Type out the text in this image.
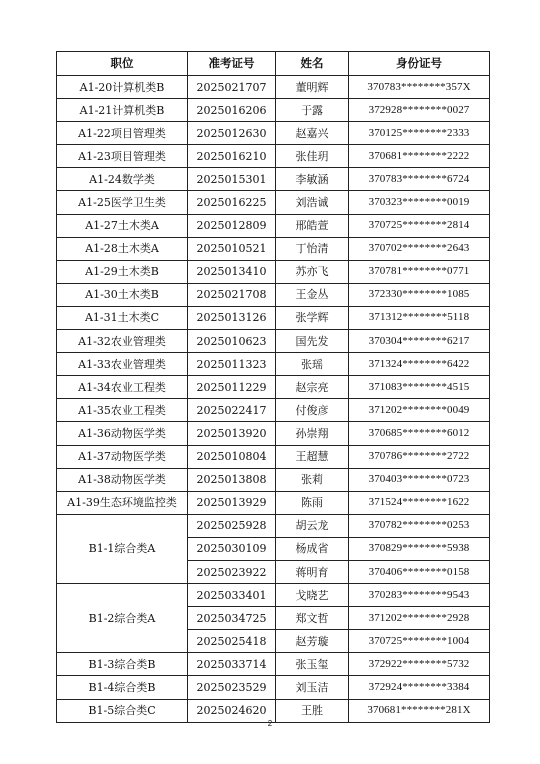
职位	准考证号	姓名	身份证号
A1-20计算机类B	2025021707	董明辉	370783********357X
A1-21计算机类B	2025016206	于露	372928********0027
A1-22项目管理类	2025012630	赵嘉兴	370125********2333
A1-23项目管理类	2025016210	张佳玥	370681********2222
A1-24数学类	2025015301	李敏涵	370783********6724
A1-25医学卫生类	2025016225	刘浩诚	370323********0019
A1-27土木类A	2025012809	邢皓萱	370725********2814
A1-28土木类A	2025010521	丁怡清	370702********2643
A1-29土木类B	2025013410	苏亦飞	370781********0771
A1-30土木类B	2025021708	王金丛	372330********1085
A1-31土木类C	2025013126	张学辉	371312********5118
A1-32农业管理类	2025010623	国先发	370304********6217
A1-33农业管理类	2025011323	张瑶	371324********6422
A1-34农业工程类	2025011229	赵宗亮	371083********4515
A1-35农业工程类	2025022417	付俊彦	371202********0049
A1-36动物医学类	2025013920	孙崇翔	370685********6012
A1-37动物医学类	2025010804	王超慧	370786********2722
A1-38动物医学类	2025013808	张莉	370403********0723
A1-39生态环境监控类	2025013929	陈雨	371524********1622
B1-1综合类A	2025025928	胡云龙	370782********0253
	2025030109	杨成省	370829********5938
	2025023922	蒋明育	370406********0158
B1-2综合类A	2025033401	戈晓艺	370283********9543
	2025034725	郑文哲	371202********2928
	2025025418	赵芳璇	370725********1004
B1-3综合类B	2025033714	张玉玺	372922********5732
B1-4综合类B	2025023529	刘玉洁	372924********3384
B1-5综合类C	2025024620	王胜	370681********281X
2
